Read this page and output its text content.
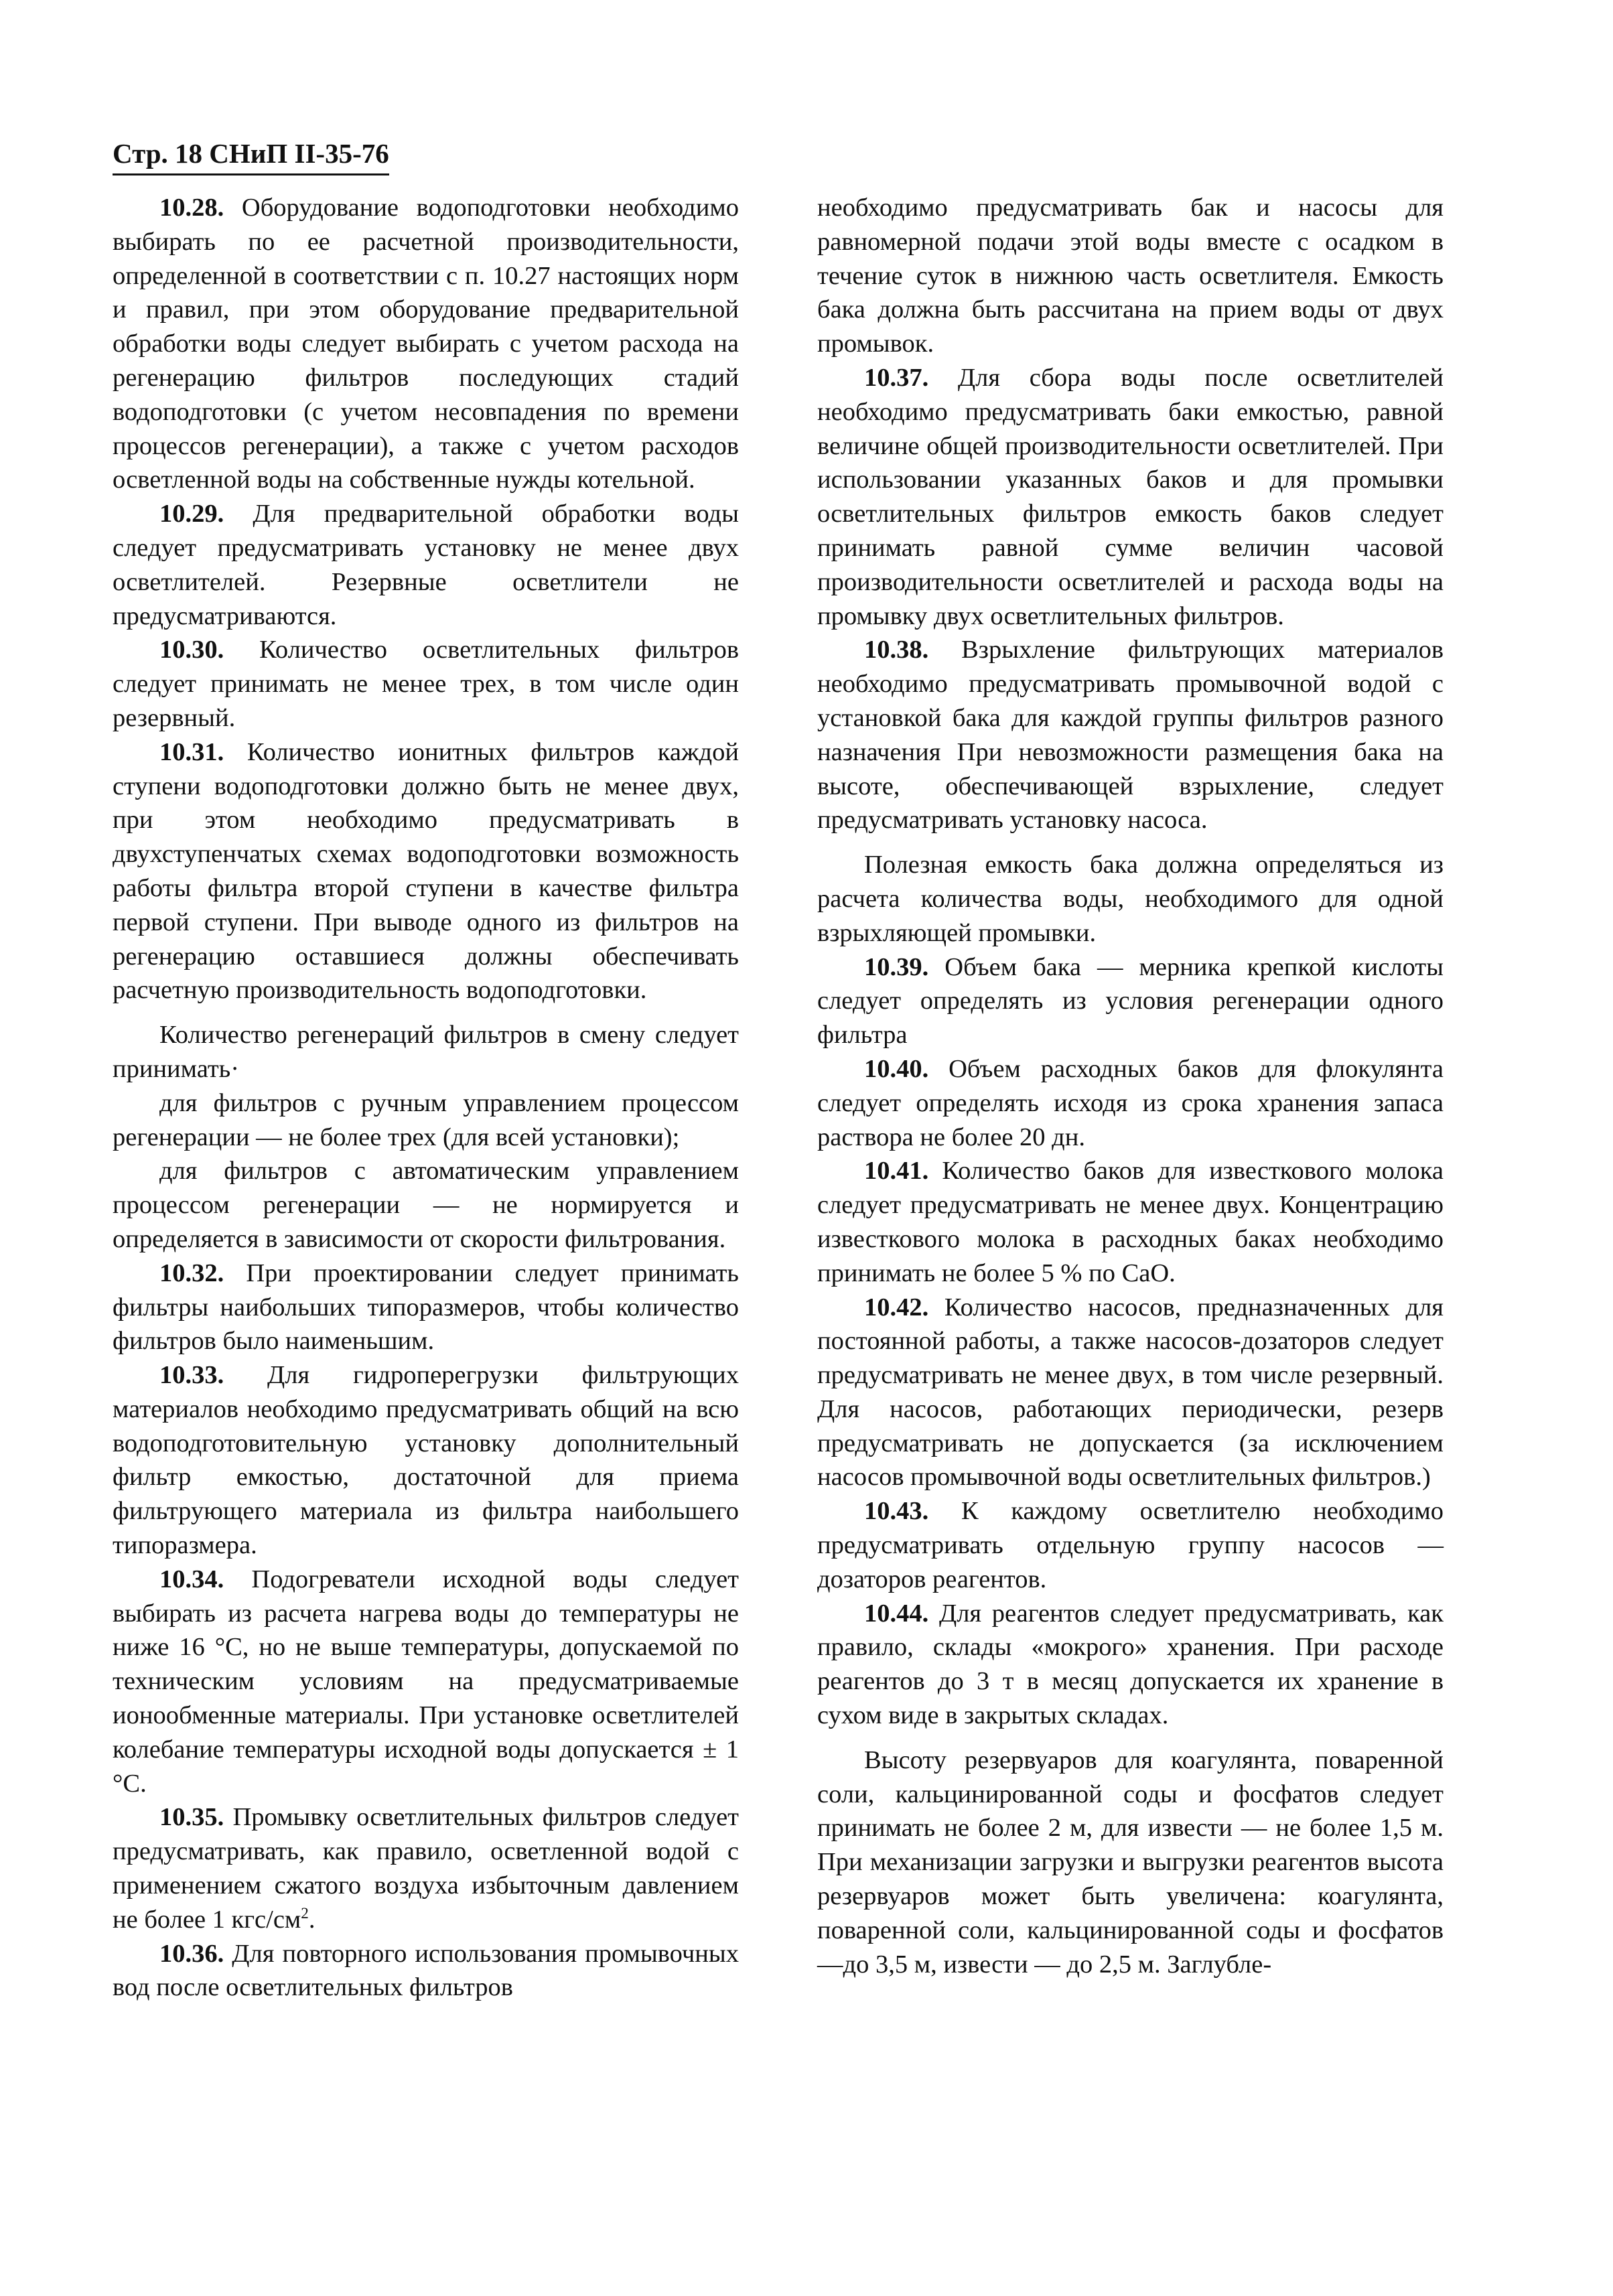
Стр. 18 СНиП II-35-76

10.28. Оборудование водоподготовки необходимо выбирать по ее расчетной производительности, определенной в соответствии с п. 10.27 настоящих норм и правил, при этом оборудование предварительной обработки воды следует выбирать с учетом расхода на регенерацию фильтров последующих стадий водоподготовки (с учетом несовпадения по времени процессов регенерации), а также с учетом расходов осветленной воды на собственные нужды котельной.

10.29. Для предварительной обработки воды следует предусматривать установку не менее двух осветлителей. Резервные осветлители не предусматриваются.

10.30. Количество осветлительных фильтров следует принимать не менее трех, в том числе один резервный.

10.31. Количество ионитных фильтров каждой ступени водоподготовки должно быть не менее двух, при этом необходимо предусматривать в двухступенчатых схемах водоподготовки возможность работы фильтра второй ступени в качестве фильтра первой ступени. При выводе одного из фильтров на регенерацию оставшиеся должны обеспечивать расчетную производительность водоподготовки.

Количество регенераций фильтров в смену следует принимать·

для фильтров с ручным управлением процессом регенерации — не более трех (для всей установки);

для фильтров с автоматическим управлением процессом регенерации — не нормируется и определяется в зависимости от скорости фильтрования.

10.32. При проектировании следует принимать фильтры наибольших типоразмеров, чтобы количество фильтров было наименьшим.

10.33. Для гидроперегрузки фильтрующих материалов необходимо предусматривать общий на всю водоподготовительную установку дополнительный фильтр емкостью, достаточной для приема фильтрующего материала из фильтра наибольшего типоразмера.

10.34. Подогреватели исходной воды следует выбирать из расчета нагрева воды до температуры не ниже 16 °С, но не выше температуры, допускаемой по техническим условиям на предусматриваемые ионообменные материалы. При установке осветлителей колебание температуры исходной воды допускается ± 1 °С.

10.35. Промывку осветлительных фильтров следует предусматривать, как правило, осветленной водой с применением сжатого воздуха избыточным давлением не более 1 кгс/$см^2$.

10.36. Для повторного использования промывочных вод после осветлительных фильтров

необходимо предусматривать бак и насосы для равномерной подачи этой воды вместе с осадком в течение суток в нижнюю часть осветлителя. Емкость бака должна быть рассчитана на прием воды от двух промывок.

10.37. Для сбора воды после осветлителей необходимо предусматривать баки емкостью, равной величине общей производительности осветлителей. При использовании указанных баков и для промывки осветлительных фильтров емкость баков следует принимать равной сумме величин часовой производительности осветлителей и расхода воды на промывку двух осветлительных фильтров.

10.38. Взрыхление фильтрующих материалов необходимо предусматривать промывочной водой с установкой бака для каждой группы фильтров разного назначения При невозможности размещения бака на высоте, обеспечивающей взрыхление, следует предусматривать установку насоса.

Полезная емкость бака должна определяться из расчета количества воды, необходимого для одной взрыхляющей промывки.

10.39. Объем бака — мерника крепкой кислоты следует определять из условия регенерации одного фильтра

10.40. Объем расходных баков для флокулянта следует определять исходя из срока хранения запаса раствора не более 20 дн.

10.41. Количество баков для известкового молока следует предусматривать не менее двух. Концентрацию известкового молока в расходных баках необходимо принимать не более 5 % по СаО.

10.42. Количество насосов, предназначенных для постоянной работы, а также насосов-дозаторов следует предусматривать не менее двух, в том числе резервный. Для насосов, работающих периодически, резерв предусматривать не допускается (за исключением насосов промывочной воды осветлительных фильтров.)

10.43. К каждому осветлителю необходимо предусматривать отдельную группу насосов — дозаторов реагентов.

10.44. Для реагентов следует предусматривать, как правило, склады «мокрого» хранения. При расходе реагентов до 3 т в месяц допускается их хранение в сухом виде в закрытых складах.

Высоту резервуаров для коагулянта, поваренной соли, кальцинированной соды и фосфатов следует принимать не более 2 м, для извести — не более 1,5 м. При механизации загрузки и выгрузки реагентов высота резервуаров может быть увеличена: коагулянта, поваренной соли, кальцинированной соды и фосфатов —до 3,5 м, извести — до 2,5 м. Заглубле-
